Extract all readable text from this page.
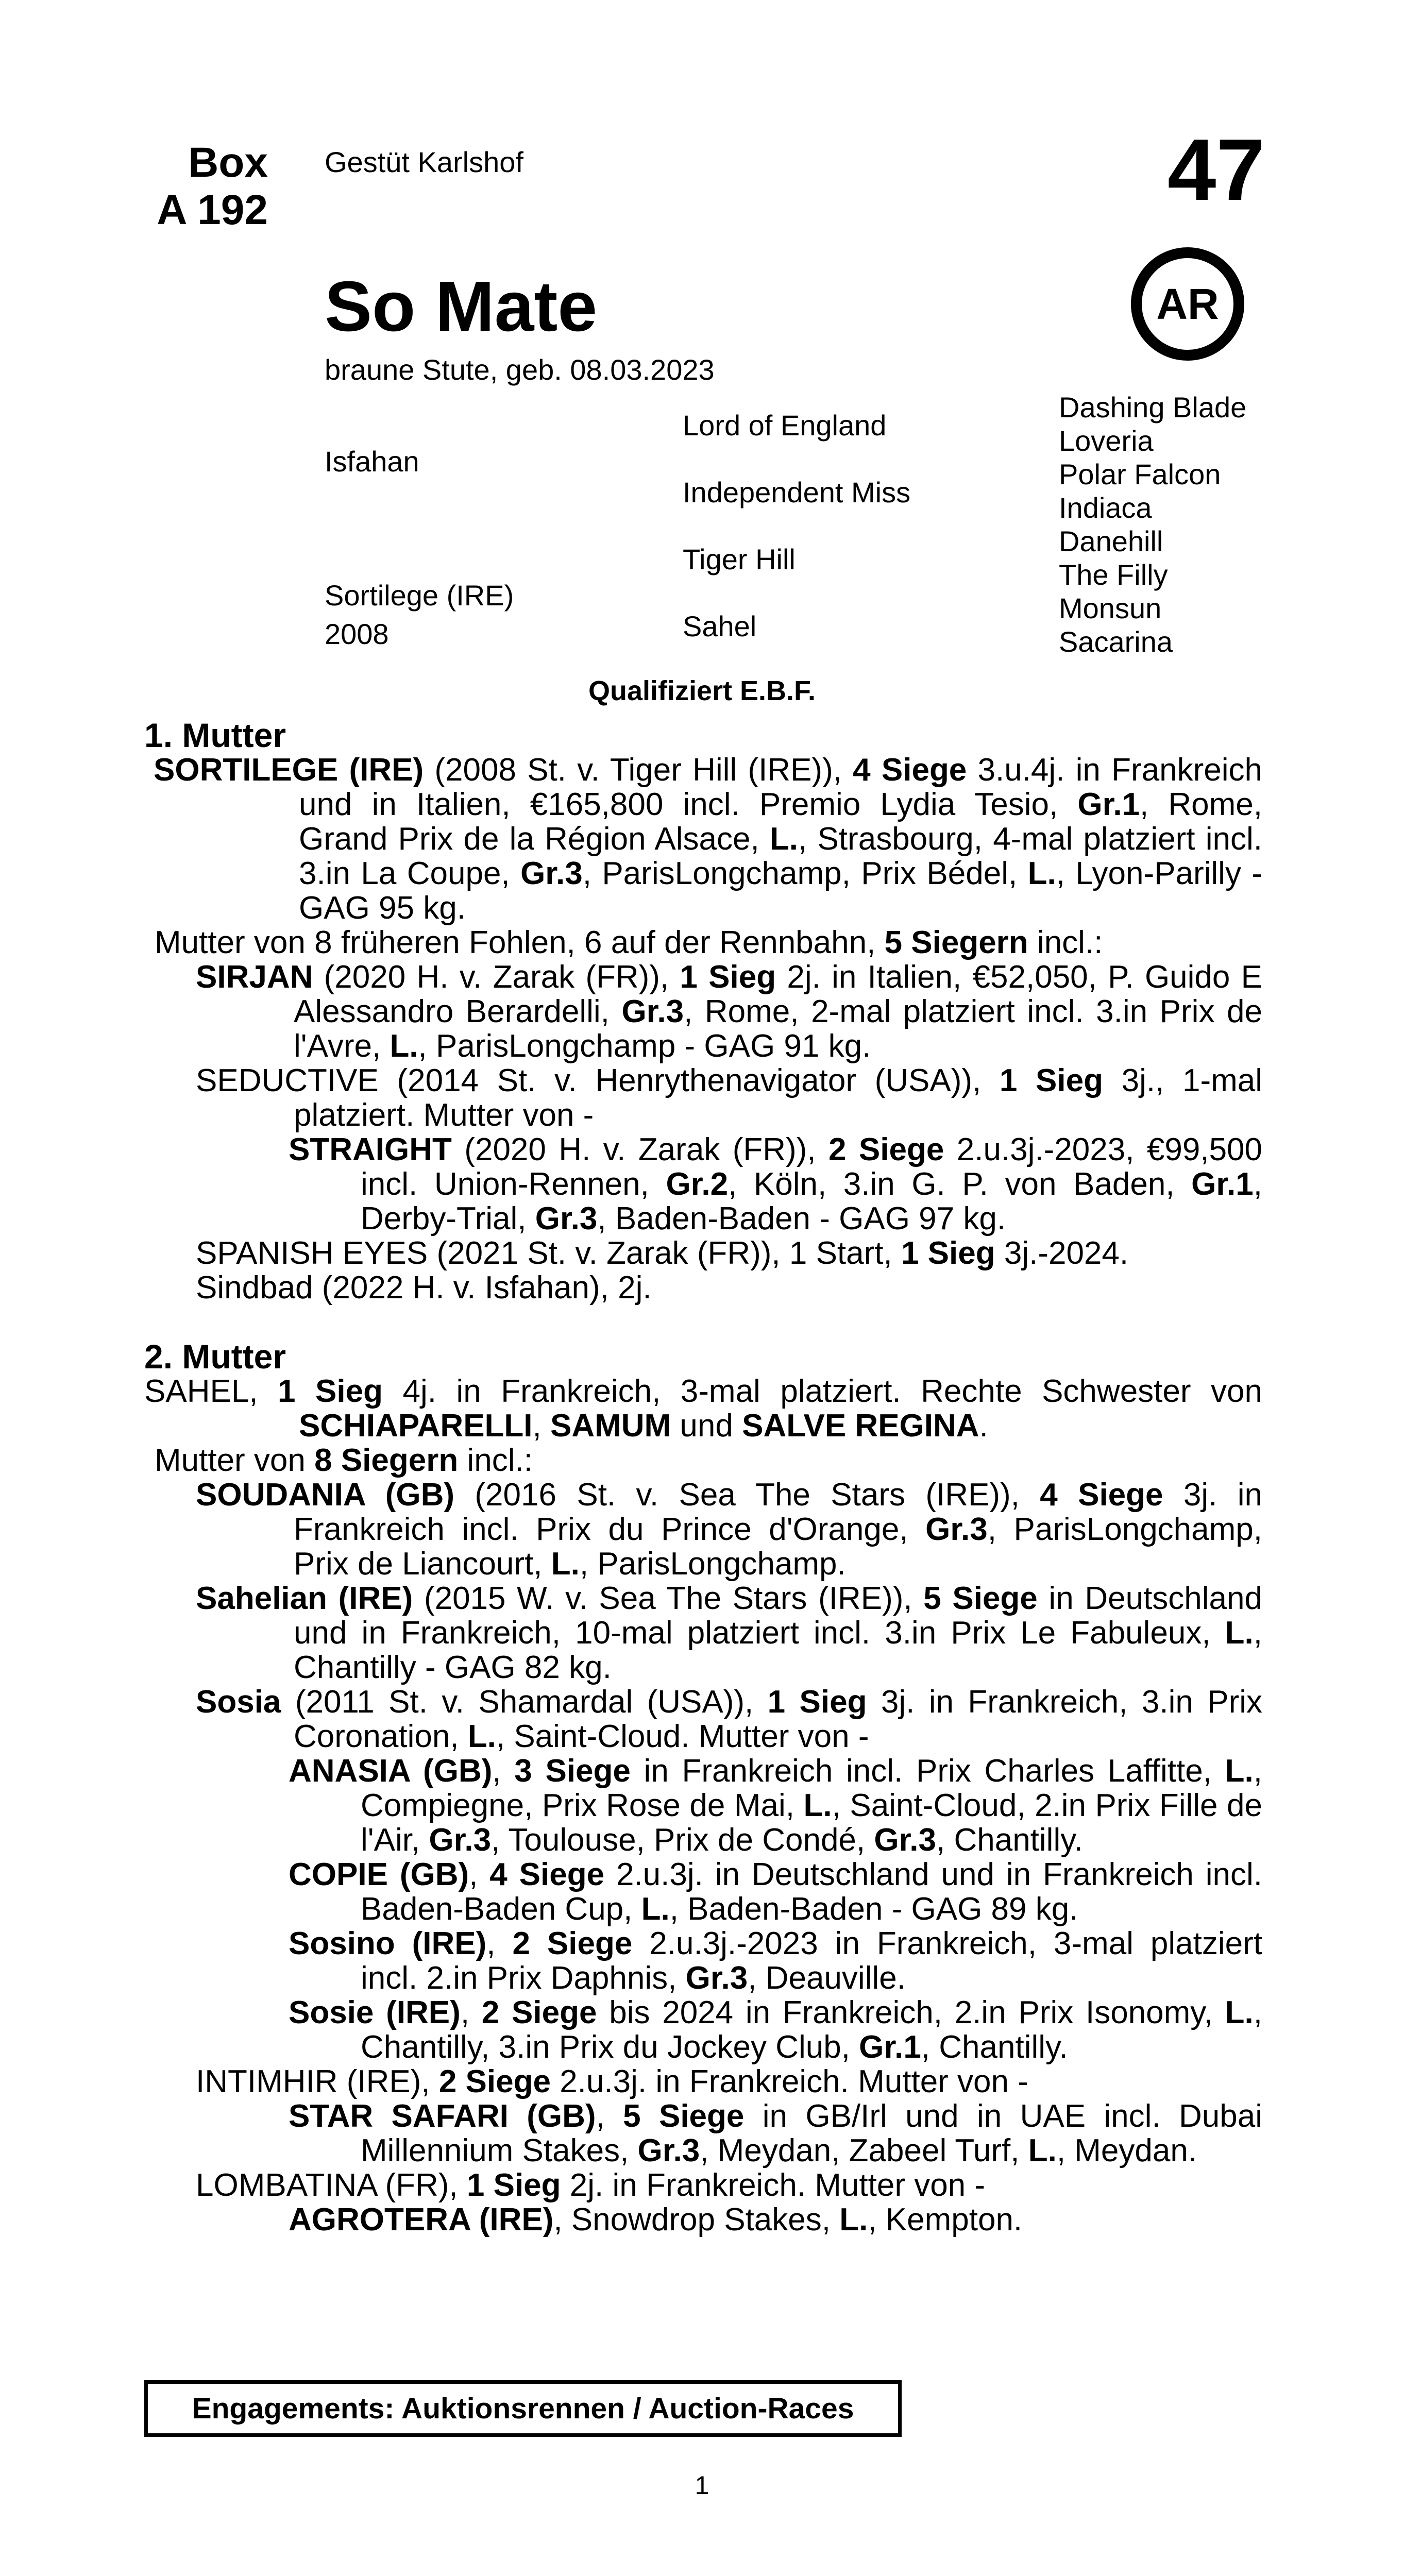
Box
A 192
Gestüt Karlshof	47
So Mate	AR
braune Stute, geb. 08.03.2023
Isfahan
Sortilege (IRE)
2008
Lord of England
Independent Miss
Tiger Hill
Sahel
Dashing Blade
Loveria
Polar Falcon
Indiaca
Danehill
The Filly
Monsun
Sacarina
Qualifiziert E.B.F.
1. Mutter
SORTILEGE (IRE) (2008 St. v. Tiger Hill (IRE)), 4 Siege 3.u.4j. in Frankreich und in Italien, €165,800 incl. Premio Lydia Tesio, Gr.1, Rome, Grand Prix de la Région Alsace, L., Strasbourg, 4-mal platziert incl. 3.in La Coupe, Gr.3, ParisLongchamp, Prix Bédel, L., Lyon-Parilly - GAG 95 kg.
Mutter von 8 früheren Fohlen, 6 auf der Rennbahn, 5 Siegern incl.:
SIRJAN (2020 H. v. Zarak (FR)), 1 Sieg 2j. in Italien, €52,050, P. Guido E Alessandro Berardelli, Gr.3, Rome, 2-mal platziert incl. 3.in Prix de l'Avre, L., ParisLongchamp - GAG 91 kg.
SEDUCTIVE (2014 St. v. Henrythenavigator (USA)), 1 Sieg 3j., 1-mal platziert. Mutter von -
STRAIGHT (2020 H. v. Zarak (FR)), 2 Siege 2.u.3j.-2023, €99,500 incl. Union-Rennen, Gr.2, Köln, 3.in G. P. von Baden, Gr.1, Derby-Trial, Gr.3, Baden-Baden - GAG 97 kg.
SPANISH EYES (2021 St. v. Zarak (FR)), 1 Start, 1 Sieg 3j.-2024.
Sindbad (2022 H. v. Isfahan), 2j.
2. Mutter
SAHEL, 1 Sieg 4j. in Frankreich, 3-mal platziert. Rechte Schwester von SCHIAPARELLI, SAMUM und SALVE REGINA.
Mutter von 8 Siegern incl.:
SOUDANIA (GB) (2016 St. v. Sea The Stars (IRE)), 4 Siege 3j. in Frankreich incl. Prix du Prince d'Orange, Gr.3, ParisLongchamp, Prix de Liancourt, L., ParisLongchamp.
Sahelian (IRE) (2015 W. v. Sea The Stars (IRE)), 5 Siege in Deutschland und in Frankreich, 10-mal platziert incl. 3.in Prix Le Fabuleux, L., Chantilly - GAG 82 kg.
Sosia (2011 St. v. Shamardal (USA)), 1 Sieg 3j. in Frankreich, 3.in Prix Coronation, L., Saint-Cloud. Mutter von -
ANASIA (GB), 3 Siege in Frankreich incl. Prix Charles Laffitte, L., Compiegne, Prix Rose de Mai, L., Saint-Cloud, 2.in Prix Fille de l'Air, Gr.3, Toulouse, Prix de Condé, Gr.3, Chantilly.
COPIE (GB), 4 Siege 2.u.3j. in Deutschland und in Frankreich incl. Baden-Baden Cup, L., Baden-Baden - GAG 89 kg.
Sosino (IRE), 2 Siege 2.u.3j.-2023 in Frankreich, 3-mal platziert incl. 2.in Prix Daphnis, Gr.3, Deauville.
Sosie (IRE), 2 Siege bis 2024 in Frankreich, 2.in Prix Isonomy, L., Chantilly, 3.in Prix du Jockey Club, Gr.1, Chantilly.
INTIMHIR (IRE), 2 Siege 2.u.3j. in Frankreich. Mutter von -
STAR SAFARI (GB), 5 Siege in GB/Irl und in UAE incl. Dubai Millennium Stakes, Gr.3, Meydan, Zabeel Turf, L., Meydan.
LOMBATINA (FR), 1 Sieg 2j. in Frankreich. Mutter von -
AGROTERA (IRE), Snowdrop Stakes, L., Kempton.
Engagements: Auktionsrennen / Auction-Races
1
